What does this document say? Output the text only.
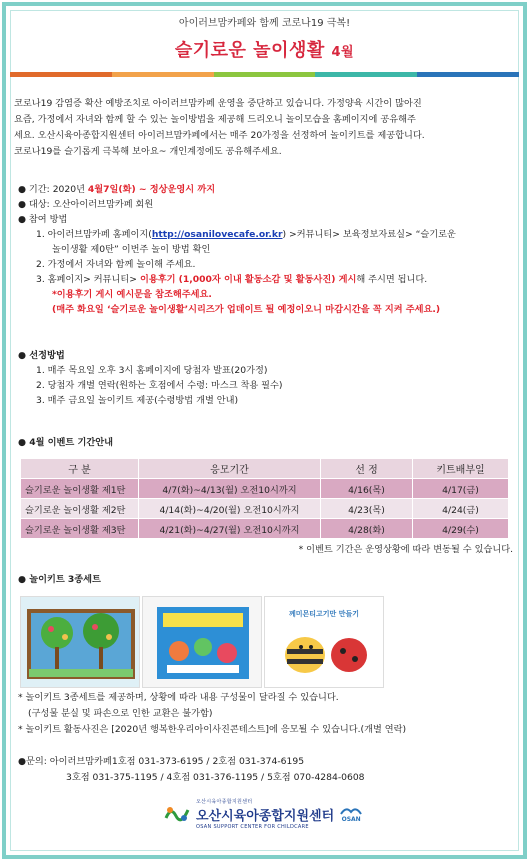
아이러브맘카페와 함께 코로나19 극복!
슬기로운 놀이생활 4월
코로나19 감염증 확산 예방조치로 아이러브맘카페 운영을 중단하고 있습니다. 가정양육 시간이 많아진
요즘, 가정에서 자녀와 함께 할 수 있는 놀이방법을 제공해 드리오니 놀이모습을 홈페이지에 공유해주
세요. 오산시육아종합지원센터 아이러브맘카페에서는 매주 20가정을 선정하여 놀이키트를 제공합니다.
코로나19를 슬기롭게 극복해 보아요~ 개인계정에도 공유해주세요.
● 기간: 2020년 4월7일(화) ~ 정상운영시 까지
● 대상: 오산아이러브맘카페 회원
● 참여 방법
1. 아이러브맘카페 홈페이지(http://osanilovecafe.or.kr) >커뮤니티> 보육정보자료실> “슬기로운
놀이생활 제0탄” 이번주 놀이 방법 확인
2. 가정에서 자녀와 함께 놀이해 주세요.
3. 홈페이지> 커뮤니티> 이용후기 (1,000자 이내 활동소감 및 활동사진) 게시해 주시면 됩니다.
*이용후기 게시 예시문을 참조해주세요.
(매주 화요일 ‘슬기로운 놀이생활’시리즈가 업데이트 될 예정이오니 마감시간을 꼭 지켜 주세요.)
● 선정방법
1. 매주 목요일 오후 3시 홈페이지에 당첨자 발표(20가정)
2. 당첨자 개별 연락(원하는 호점에서 수령: 마스크 착용 필수)
3. 매주 금요일 놀이키트 제공(수령방법 개별 안내)
● 4월 이벤트 기간안내
구 분	응모기간	선 정	키트배부일
슬기로운 놀이생활 제1탄	4/7(화)~4/13(월) 오전10시까지	4/16(목)	4/17(금)
슬기로운 놀이생활 제2탄	4/14(화)~4/20(월) 오전10시까지	4/23(목)	4/24(금)
슬기로운 놀이생활 제3탄	4/21(화)~4/27(월) 오전10시까지	4/28(화)	4/29(수)
* 이벤트 기간은 운영상황에 따라 변동될 수 있습니다.
● 놀이키트 3종세트
께미몬티고기만 만들기
* 놀이키트 3종세트를 제공하며, 상황에 따라 내용 구성물이 달라질 수 있습니다.
(구성물 분실 및 파손으로 인한 교환은 불가함)
* 놀이키트 활동사진은 [2020년 행복한우리아이사진콘테스트]에 응모될 수 있습니다.(개별 연락)
●문의: 아이러브맘카페1호점 031-373-6195 / 2호점 031-374-6195
3호점 031-375-1195 / 4호점 031-376-1195 / 5호점 070-4284-0608
오산시육아종합지원센터
오산시육아종합지원센터
OSAN SUPPORT CENTER FOR CHILDCARE
OSAN
